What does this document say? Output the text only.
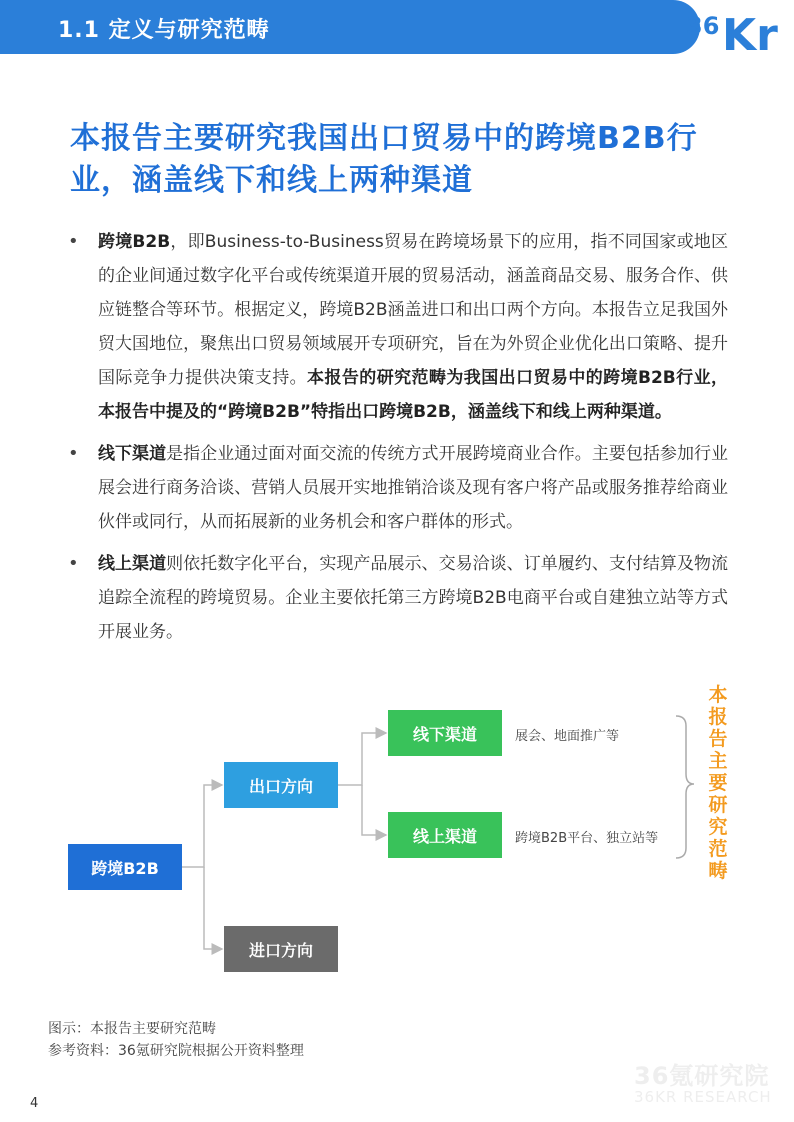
1.1 定义与研究范畴	36 Kr
本报告主要研究我国出口贸易中的跨境B2B行业，涵盖线下和线上两种渠道
• 跨境B2B，即Business-to-Business贸易在跨境场景下的应用，指不同国家或地区的企业间通过数字化平台或传统渠道开展的贸易活动，涵盖商品交易、服务合作、供应链整合等环节。根据定义，跨境B2B涵盖进口和出口两个方向。本报告立足我国外贸大国地位，聚焦出口贸易领域展开专项研究，旨在为外贸企业优化出口策略、提升国际竞争力提供决策支持。本报告的研究范畴为我国出口贸易中的跨境B2B行业，本报告中提及的“跨境B2B”特指出口跨境B2B，涵盖线下和线上两种渠道。
• 线下渠道是指企业通过面对面交流的传统方式开展跨境商业合作。主要包括参加行业展会进行商务洽谈、营销人员展开实地推销洽谈及现有客户将产品或服务推荐给商业伙伴或同行，从而拓展新的业务机会和客户群体的形式。
• 线上渠道则依托数字化平台，实现产品展示、交易洽谈、订单履约、支付结算及物流追踪全流程的跨境贸易。企业主要依托第三方跨境B2B电商平台或自建独立站等方式开展业务。
跨境B2B
出口方向
进口方向
线下渠道
线上渠道
展会、地面推广等
跨境B2B平台、独立站等
本报告主要研究范畴
图示：本报告主要研究范畴
参考资料：36氪研究院根据公开资料整理
36氪研究院
36KR RESEARCH
4
